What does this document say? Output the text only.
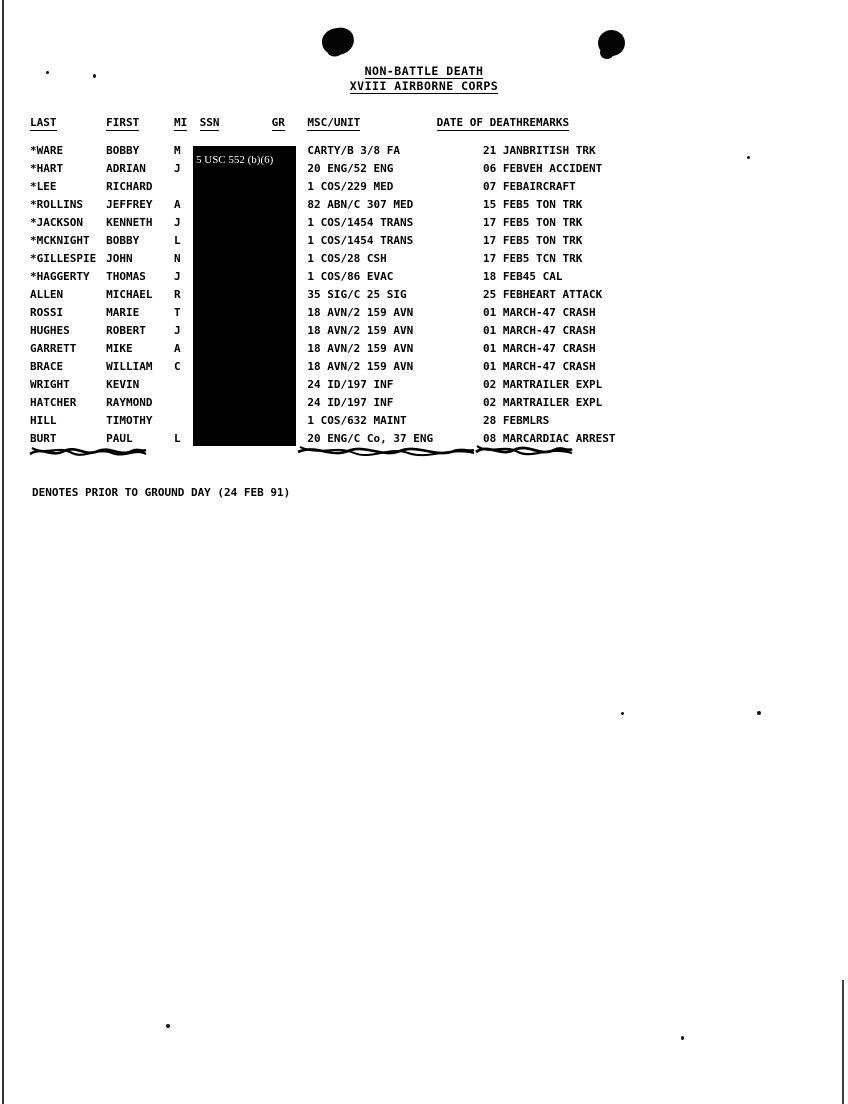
NON-BATTLE DEATH
XVIII AIRBORNE CORPS
LAST	FIRST	MI	SSN	GR	MSC/UNIT	DATE OF DEATH	REMARKS
*WARE	BOBBY	M			CARTY/B 3/8 FA	21 JAN	BRITISH TRK
*HART	ADRIAN	J			20 ENG/52 ENG	06 FEB	VEH ACCIDENT
*LEE	RICHARD				1 COS/229 MED	07 FEB	AIRCRAFT
*ROLLINS	JEFFREY	A			82 ABN/C 307 MED	15 FEB	5 TON TRK
*JACKSON	KENNETH	J			1 COS/1454 TRANS	17 FEB	5 TON TRK
*MCKNIGHT	BOBBY	L			1 COS/1454 TRANS	17 FEB	5 TON TRK
*GILLESPIE	JOHN	N			1 COS/28 CSH	17 FEB	5 TCN TRK
*HAGGERTY	THOMAS	J			1 COS/86 EVAC	18 FEB	45 CAL
ALLEN	MICHAEL	R			35 SIG/C 25 SIG	25 FEB	HEART ATTACK
ROSSI	MARIE	T			18 AVN/2 159 AVN	01 MAR	CH-47 CRASH
HUGHES	ROBERT	J			18 AVN/2 159 AVN	01 MAR	CH-47 CRASH
GARRETT	MIKE	A			18 AVN/2 159 AVN	01 MAR	CH-47 CRASH
BRACE	WILLIAM	C			18 AVN/2 159 AVN	01 MAR	CH-47 CRASH
WRIGHT	KEVIN				24 ID/197 INF	02 MAR	TRAILER EXPL
HATCHER	RAYMOND				24 ID/197 INF	02 MAR	TRAILER EXPL
HILL	TIMOTHY				1 COS/632 MAINT	28 FEB	MLRS
BURT	PAUL	L			20 ENG/C Co, 37 ENG	08 MAR	CARDIAC ARREST
5 USC 552 (b)(6)
DENOTES PRIOR TO GROUND DAY (24 FEB 91)
